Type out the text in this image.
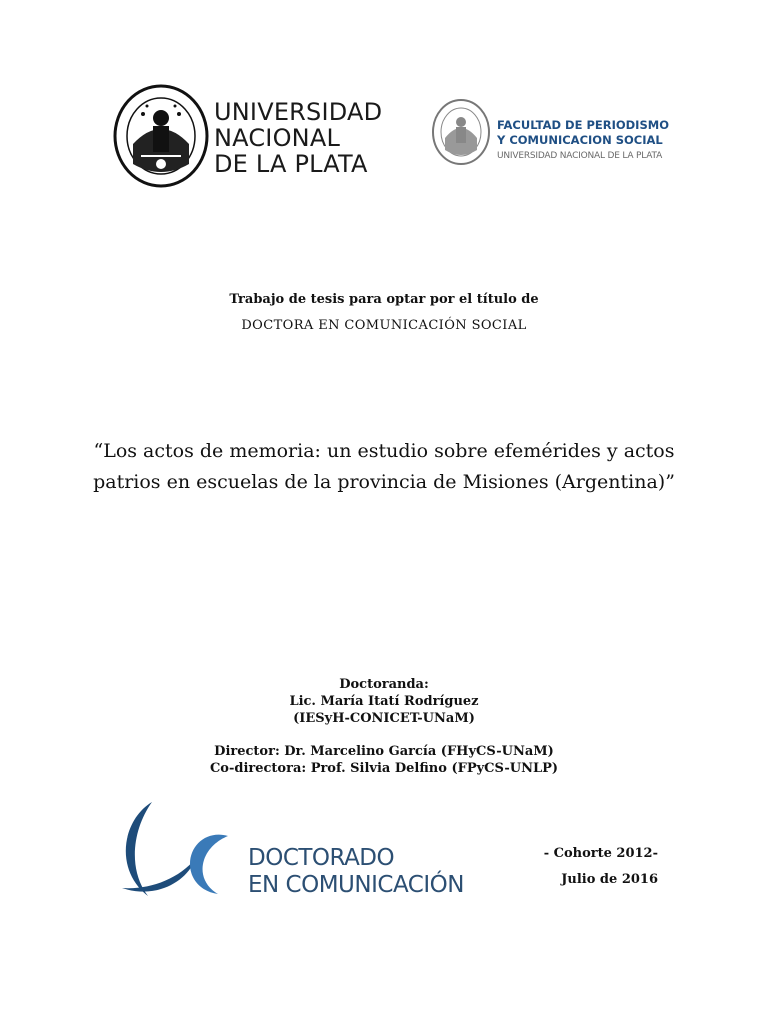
UNIVERSIDAD
NACIONAL
DE LA PLATA
FACULTAD DE PERIODISMO
Y COMUNICACION SOCIAL
UNIVERSIDAD NACIONAL DE LA PLATA
Trabajo de tesis para optar por el título de
DOCTORA EN COMUNICACIÓN SOCIAL
“Los actos de memoria: un estudio sobre efemérides y actos
patrios en escuelas de la provincia de Misiones (Argentina)”
Doctoranda:
Lic. María Itatí Rodríguez
(IESyH-CONICET-UNaM)
Director: Dr. Marcelino García (FHyCS-UNaM)
Co-directora: Prof. Silvia Delfino (FPyCS-UNLP)
DOCTORADO
EN COMUNICACIÓN
- Cohorte 2012-
Julio de 2016
